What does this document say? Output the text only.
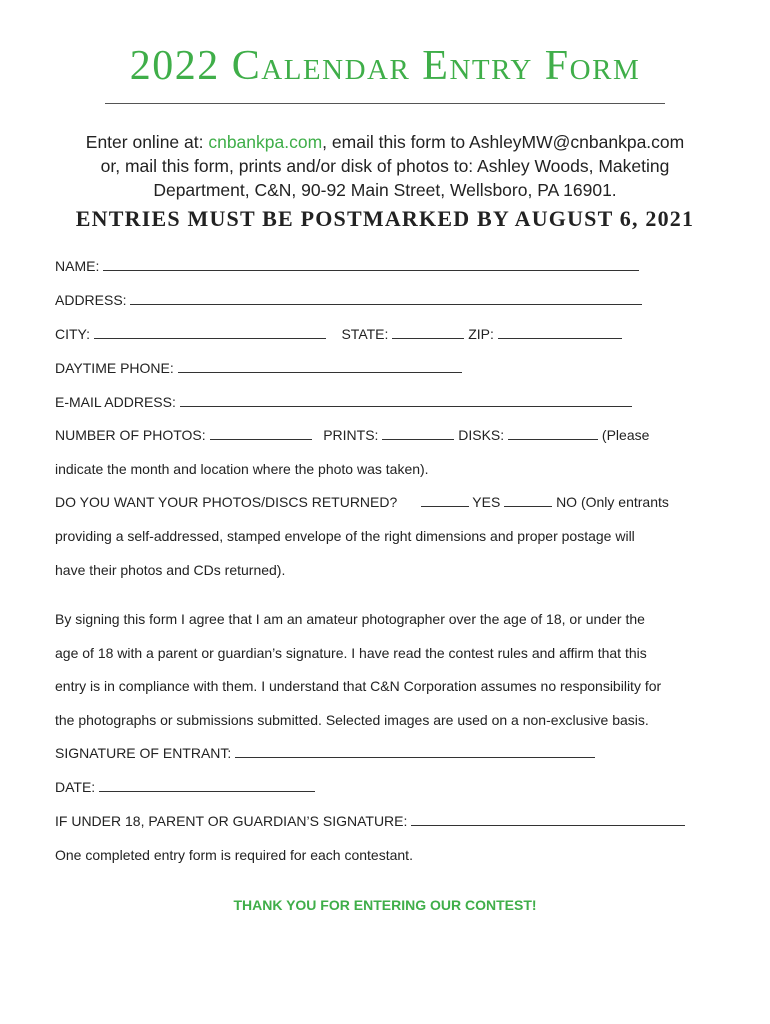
2022 Calendar Entry Form
Enter online at: cnbankpa.com, email this form to AshleyMW@cnbankpa.com
or, mail this form, prints and/or disk of photos to: Ashley Woods, Maketing
Department, C&N, 90-92 Main Street, Wellsboro, PA 16901.
ENTRIES MUST BE POSTMARKED BY AUGUST 6, 2021
NAME:
ADDRESS:
CITY:	STATE:	ZIP:
DAYTIME PHONE:
E-MAIL ADDRESS:
NUMBER OF PHOTOS:	PRINTS:	DISKS:	(Please
indicate the month and location where the photo was taken).
DO YOU WANT YOUR PHOTOS/DISCS RETURNED?	YES	NO (Only entrants
providing a self-addressed, stamped envelope of the right dimensions and proper postage will
have their photos and CDs returned).
By signing this form I agree that I am an amateur photographer over the age of 18, or under the
age of 18 with a parent or guardian’s signature. I have read the contest rules and affirm that this
entry is in compliance with them. I understand that C&N Corporation assumes no responsibility for
the photographs or submissions submitted. Selected images are used on a non-exclusive basis.
SIGNATURE OF ENTRANT:
DATE:
IF UNDER 18, PARENT OR GUARDIAN’S SIGNATURE:
One completed entry form is required for each contestant.
THANK YOU FOR ENTERING OUR CONTEST!
